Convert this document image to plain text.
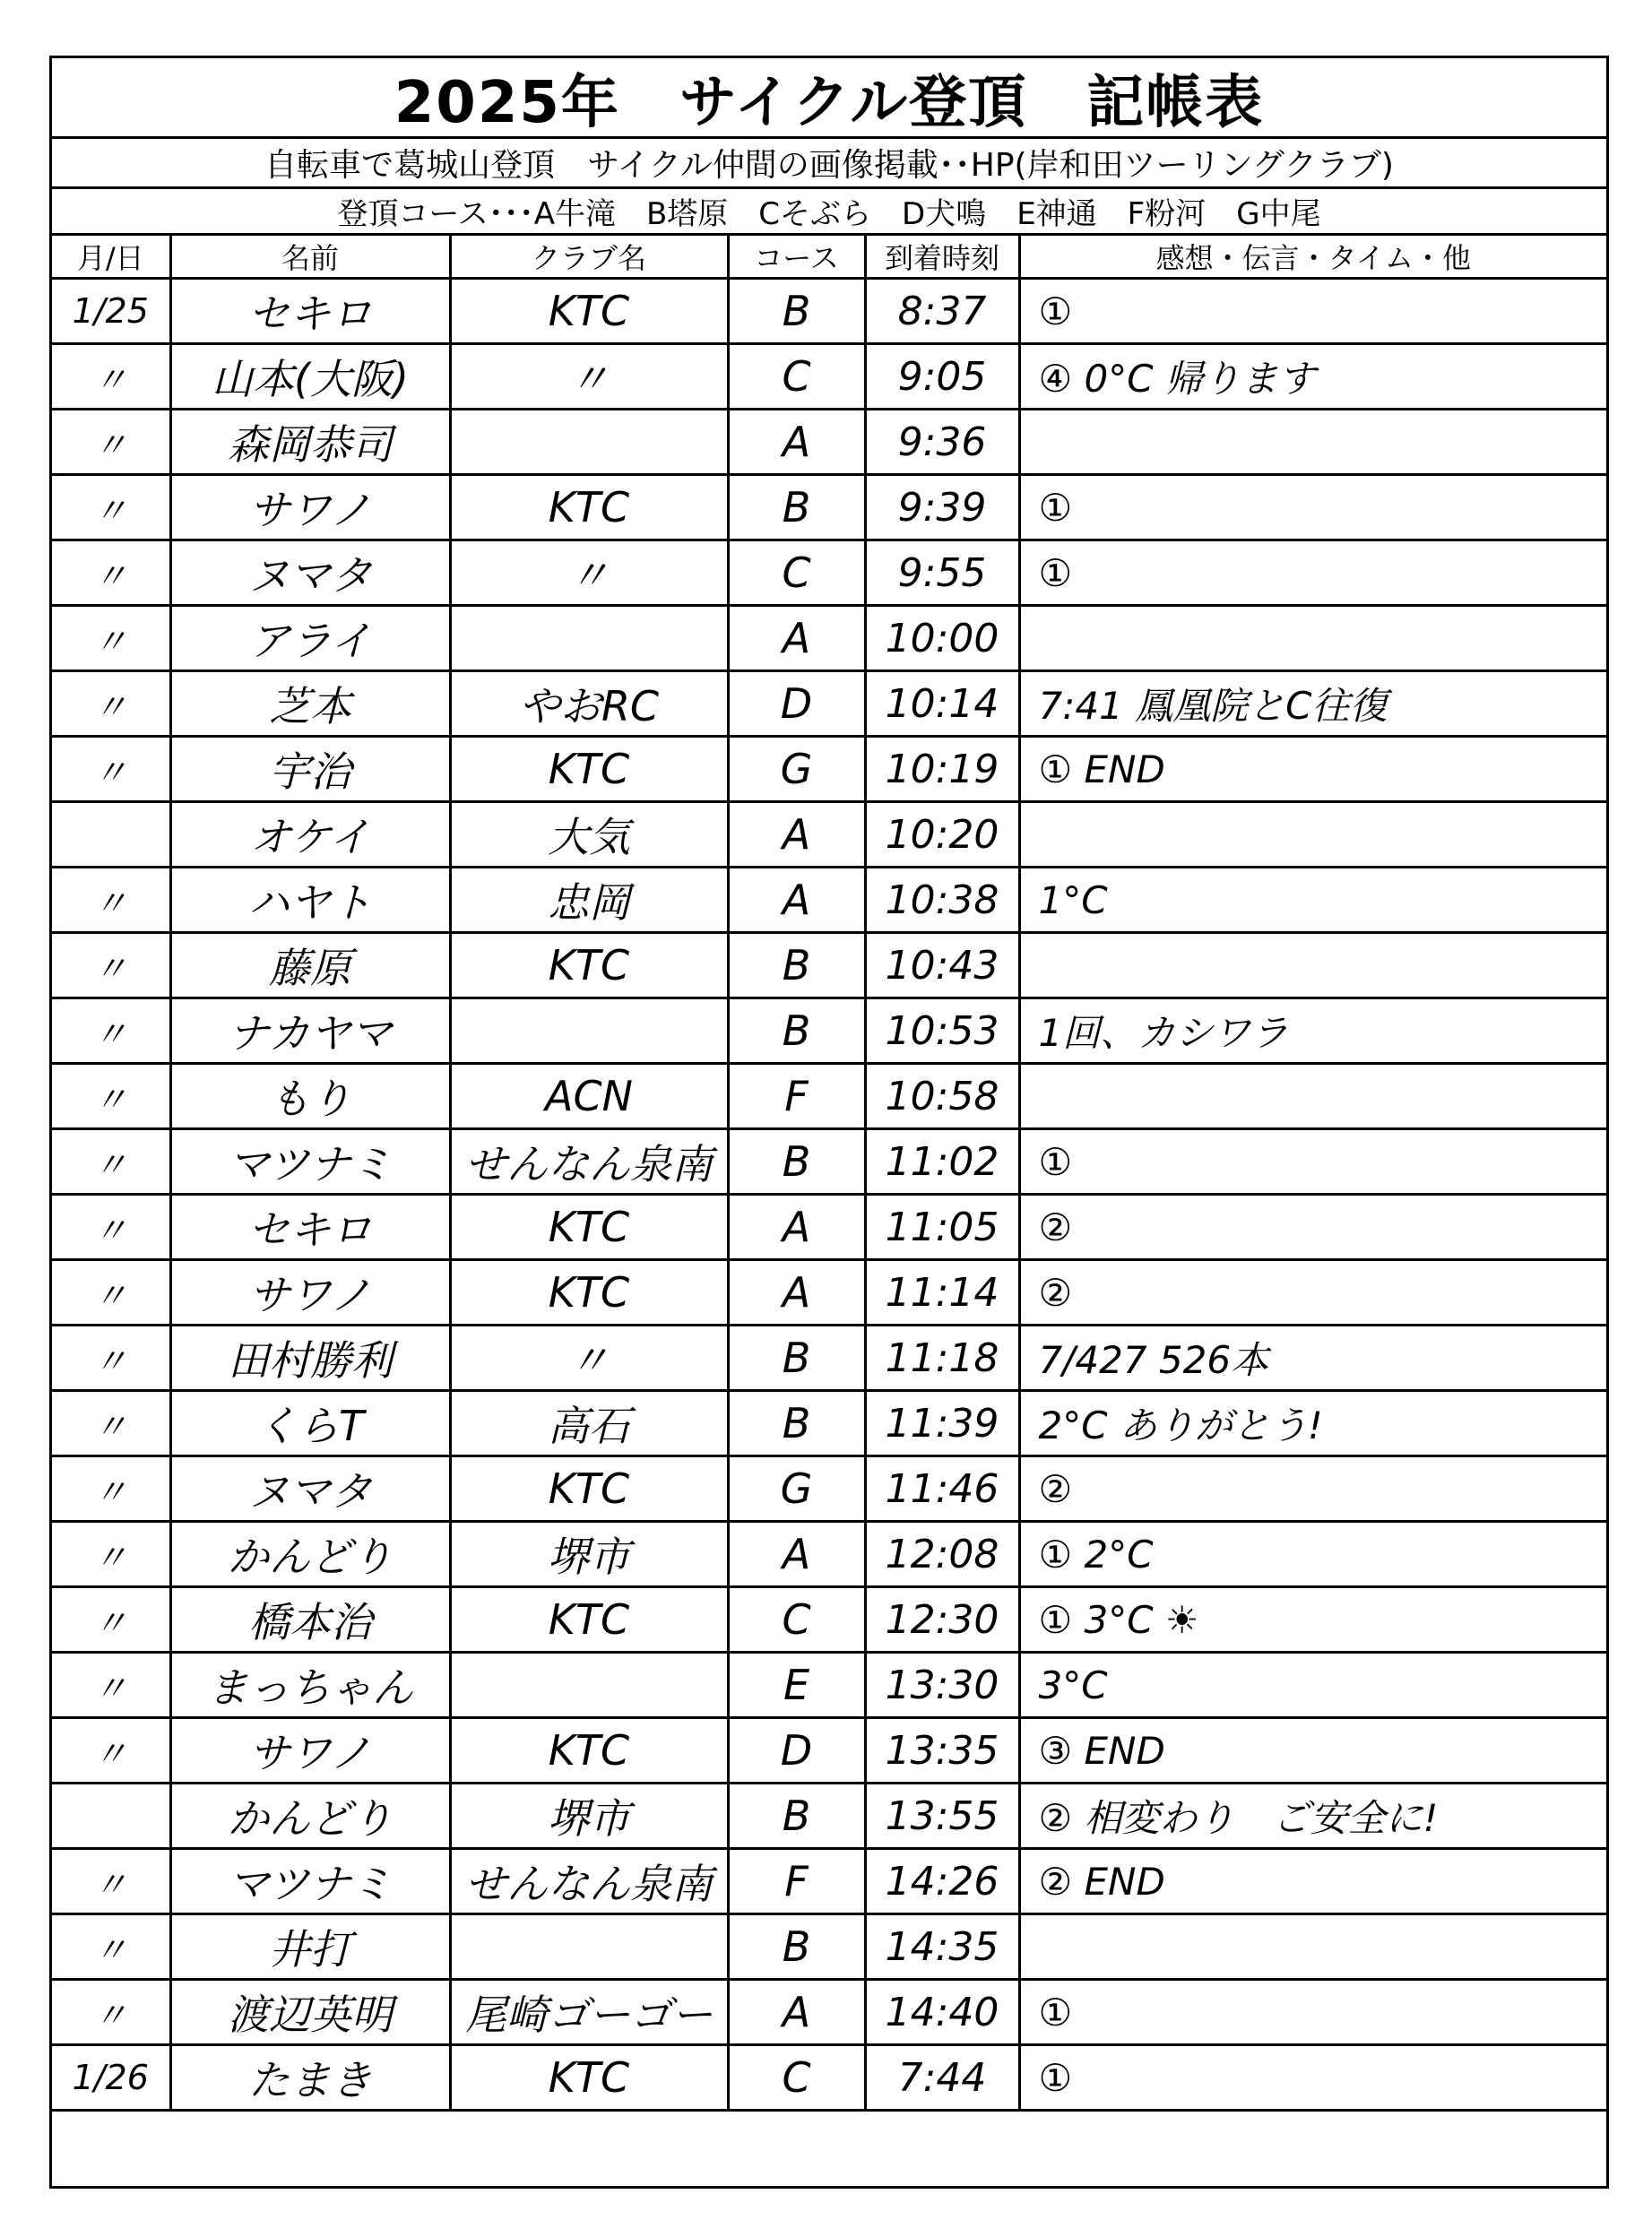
2025年　サイクル登頂　記帳表
自転車で葛城山登頂　サイクル仲間の画像掲載･･HP(岸和田ツーリングクラブ)
登頂コース･･･A牛滝　B塔原　Cそぶら　D犬鳴　E神通　F粉河　G中尾
月/日	名前	クラブ名	コース	到着時刻	感想・伝言・タイム・他
1/25	セキロ	KTC	B	8:37	①
〃	山本(大阪)	〃	C	9:05	④ 0°C 帰ります
〃	森岡恭司		A	9:36	
〃	サワノ	KTC	B	9:39	①
〃	ヌマタ	〃	C	9:55	①
〃	アライ		A	10:00	
〃	芝本	やおRC	D	10:14	7:41 鳳凰院とC往復
〃	宇治	KTC	G	10:19	① END
	オケイ	大気	A	10:20	
〃	ハヤト	忠岡	A	10:38	1°C
〃	藤原	KTC	B	10:43	
〃	ナカヤマ		B	10:53	1回、カシワラ
〃	もり	ACN	F	10:58	
〃	マツナミ	せんなん泉南	B	11:02	①
〃	セキロ	KTC	A	11:05	②
〃	サワノ	KTC	A	11:14	②
〃	田村勝利	〃	B	11:18	7/427 526本
〃	くらT	高石	B	11:39	2°C ありがとう!
〃	ヌマタ	KTC	G	11:46	②
〃	かんどり	堺市	A	12:08	① 2°C
〃	橋本治	KTC	C	12:30	① 3°C ☀
〃	まっちゃん		E	13:30	3°C
〃	サワノ	KTC	D	13:35	③ END
	かんどり	堺市	B	13:55	② 相変わり　ご安全に!
〃	マツナミ	せんなん泉南	F	14:26	② END
〃	井打		B	14:35	
〃	渡辺英明	尾崎ゴーゴー	A	14:40	①
1/26	たまき	KTC	C	7:44	①
